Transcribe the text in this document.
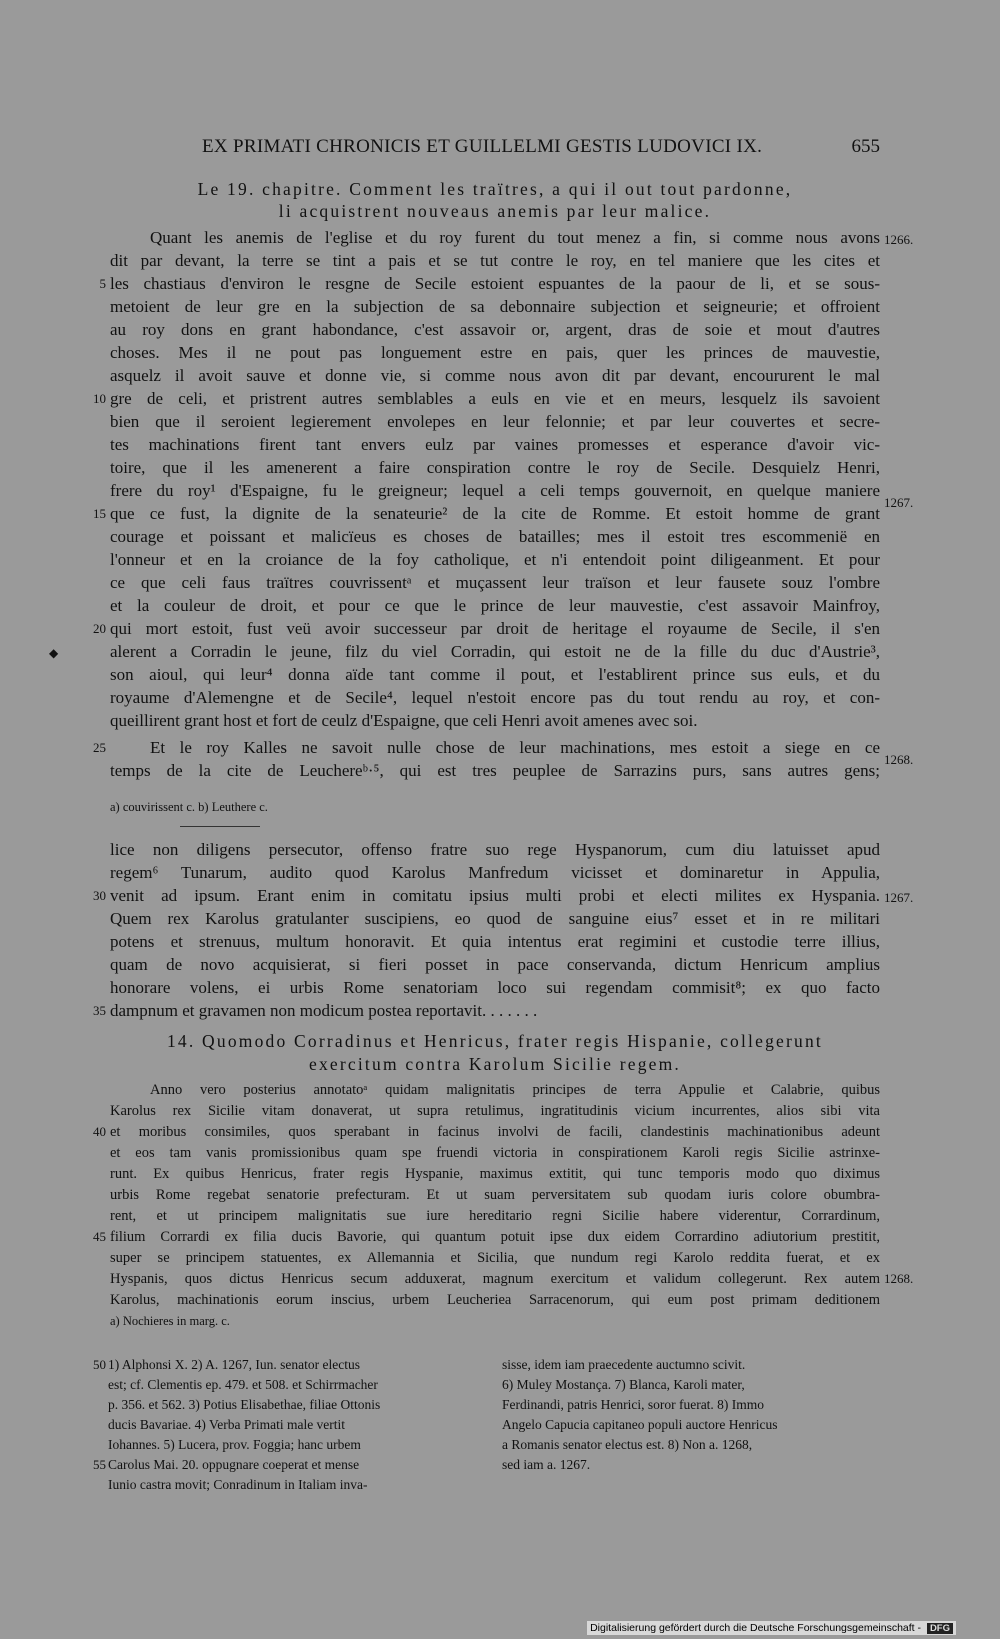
EX PRIMATI CHRONICIS ET GUILLELMI GESTIS LUDOVICI IX.	655
Le 19. chapitre. Comment les traïtres, a qui il out tout pardonne,
li acquistrent nouveaus anemis par leur malice.
Quant les anemis de l'eglise et du roy furent du tout menez a fin, si comme nous avons
dit par devant, la terre se tint a pais et se tut contre le roy, en tel maniere que les cites et
les chastiaus d'environ le resgne de Secile estoient espuantes de la paour de li, et se sous-
metoient de leur gre en la subjection de sa debonnaire subjection et seigneurie; et offroient
au roy dons en grant habondance, c'est assavoir or, argent, dras de soie et mout d'autres
choses. Mes il ne pout pas longuement estre en pais, quer les princes de mauvestie,
asquelz il avoit sauve et donne vie, si comme nous avon dit par devant, encoururent le mal
gre de celi, et pristrent autres semblables a euls en vie et en meurs, lesquelz ils savoient
bien que il seroient legierement envolepes en leur felonnie; et par leur couvertes et secre-
tes machinations firent tant envers eulz par vaines promesses et esperance d'avoir vic-
toire, que il les amenerent a faire conspiration contre le roy de Secile. Desquielz Henri,
frere du roy¹ d'Espaigne, fu le greigneur; lequel a celi temps gouvernoit, en quelque maniere
que ce fust, la dignite de la senateurie² de la cite de Romme. Et estoit homme de grant
courage et poissant et malicïeus es choses de batailles; mes il estoit tres escommenië en
l'onneur et en la croiance de la foy catholique, et n'i entendoit point diligeanment. Et pour
ce que celi faus traïtres couvrissentᵃ et muçassent leur traïson et leur fausete souz l'ombre
et la couleur de droit, et pour ce que le prince de leur mauvestie, c'est assavoir Mainfroy,
qui mort estoit, fust veü avoir successeur par droit de heritage el royaume de Secile, il s'en
alerent a Corradin le jeune, filz du viel Corradin, qui estoit ne de la fille du duc d'Austrie³,
son aioul, qui leur⁴ donna aïde tant comme il pout, et l'establirent prince sus euls, et du
royaume d'Alemengne et de Secile⁴, lequel n'estoit encore pas du tout rendu au roy, et con-
queillirent grant host et fort de ceulz d'Espaigne, que celi Henri avoit amenes avec soi.
Et le roy Kalles ne savoit nulle chose de leur machinations, mes estoit a siege en ce
temps de la cite de Leuchereᵇ·⁵, qui est tres peuplee de Sarrazins purs, sans autres gens;
a) couvirissent c. b) Leuthere c.
lice non diligens persecutor, offenso fratre suo rege Hyspanorum, cum diu latuisset apud
regem⁶ Tunarum, audito quod Karolus Manfredum vicisset et dominaretur in Appulia,
venit ad ipsum. Erant enim in comitatu ipsius multi probi et electi milites ex Hyspania.
Quem rex Karolus gratulanter suscipiens, eo quod de sanguine eius⁷ esset et in re militari
potens et strenuus, multum honoravit. Et quia intentus erat regimini et custodie terre illius,
quam de novo acquisierat, si fieri posset in pace conservanda, dictum Henricum amplius
honorare volens, ei urbis Rome senatoriam loco sui regendam commisit⁸; ex quo facto
dampnum et gravamen non modicum postea reportavit. . . . . . .
14. Quomodo Corradinus et Henricus, frater regis Hispanie, collegerunt
exercitum contra Karolum Sicilie regem.
Anno vero posterius annotatoᵃ quidam malignitatis principes de terra Appulie et Calabrie, quibus
Karolus rex Sicilie vitam donaverat, ut supra retulimus, ingratitudinis vicium incurrentes, alios sibi vita
et moribus consimiles, quos sperabant in facinus involvi de facili, clandestinis machinationibus adeunt
et eos tam vanis promissionibus quam spe fruendi victoria in conspirationem Karoli regis Sicilie astrinxe-
runt. Ex quibus Henricus, frater regis Hyspanie, maximus extitit, qui tunc temporis modo quo diximus
urbis Rome regebat senatorie prefecturam. Et ut suam perversitatem sub quodam iuris colore obumbra-
rent, et ut principem malignitatis sue iure hereditario regni Sicilie habere viderentur, Corrardinum,
filium Corrardi ex filia ducis Bavorie, qui quantum potuit ipse dux eidem Corrardino adiutorium prestitit,
super se principem statuentes, ex Allemannia et Sicilia, que nundum regi Karolo reddita fuerat, et ex
Hyspanis, quos dictus Henricus secum adduxerat, magnum exercitum et validum collegerunt. Rex autem
Karolus, machinationis eorum inscius, urbem Leucheriea Sarracenorum, qui eum post primam deditionem
a) Nochieres in marg. c.
1) Alphonsi X. 2) A. 1267, Iun. senator electus
est; cf. Clementis ep. 479. et 508. et Schirrmacher
p. 356. et 562. 3) Potius Elisabethae, filiae Ottonis
ducis Bavariae. 4) Verba Primati male vertit
Iohannes. 5) Lucera, prov. Foggia; hanc urbem
Carolus Mai. 20. oppugnare coeperat et mense
Iunio castra movit; Conradinum in Italiam inva-
sisse, idem iam praecedente auctumno scivit.
6) Muley Mostança. 7) Blanca, Karoli mater,
Ferdinandi, patris Henrici, soror fuerat. 8) Immo
Angelo Capucia capitaneo populi auctore Henricus
a Romanis senator electus est. 8) Non a. 1268,
sed iam a. 1267.
5
10
15
20
25
30
35
40
45
50
55
1266.
1267.
1268.
1267.
1268.
◆
Digitalisierung gefördert durch die Deutsche Forschungsgemeinschaft - DFG
